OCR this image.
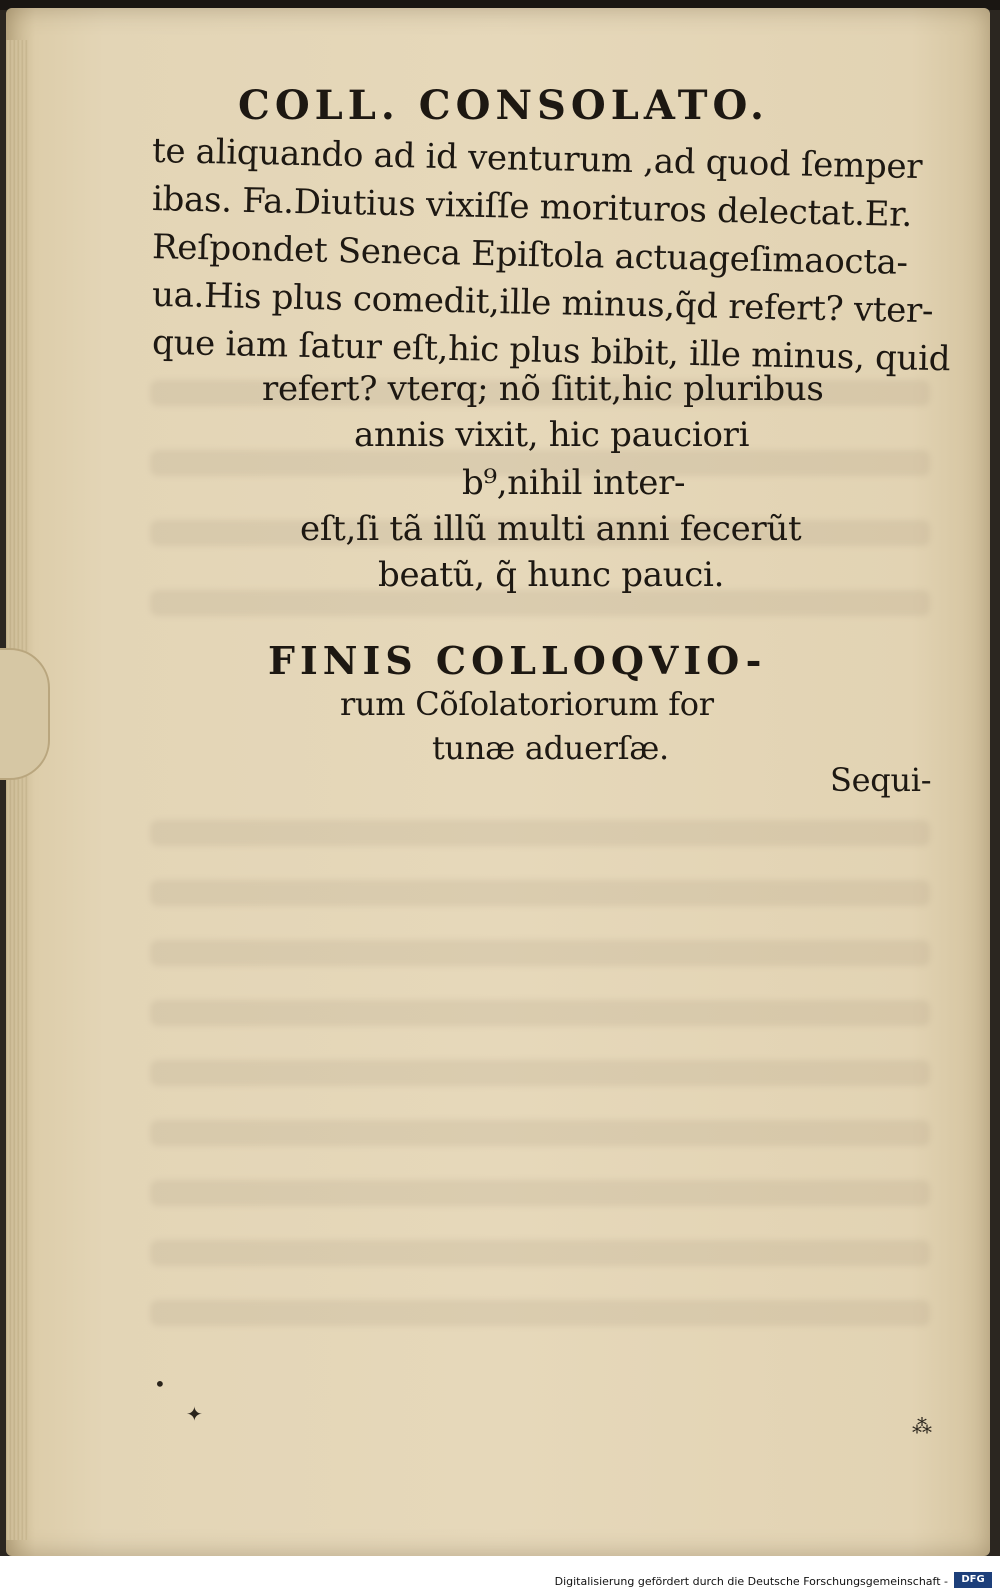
COLL. CONSOLATO.
te aliquando ad id venturum ,ad quod ſemper
ibas. Fa.Diutius vixiſſe morituros delectat.Er.
Reſpondet Seneca Epiſtola actuageſimaocta-
ua.His plus comedit,ille minus,q̃d refert? vter-
que iam ſatur eſt,hic plus bibit, ille minus, quid
refert? vterq; nõ ſitit,hic pluribus
annis vixit, hic pauciori
b⁹,nihil inter-
eſt,ſi tã illũ multi anni fecerũt
beatũ, q̃ hunc pauci.
FINIS COLLOQVIO-
rum Cõſolatoriorum for
tunæ aduerſæ.
Sequi-
✦
•
⁂
Digitalisierung gefördert durch die Deutsche Forschungsgemeinschaft -	DFG
